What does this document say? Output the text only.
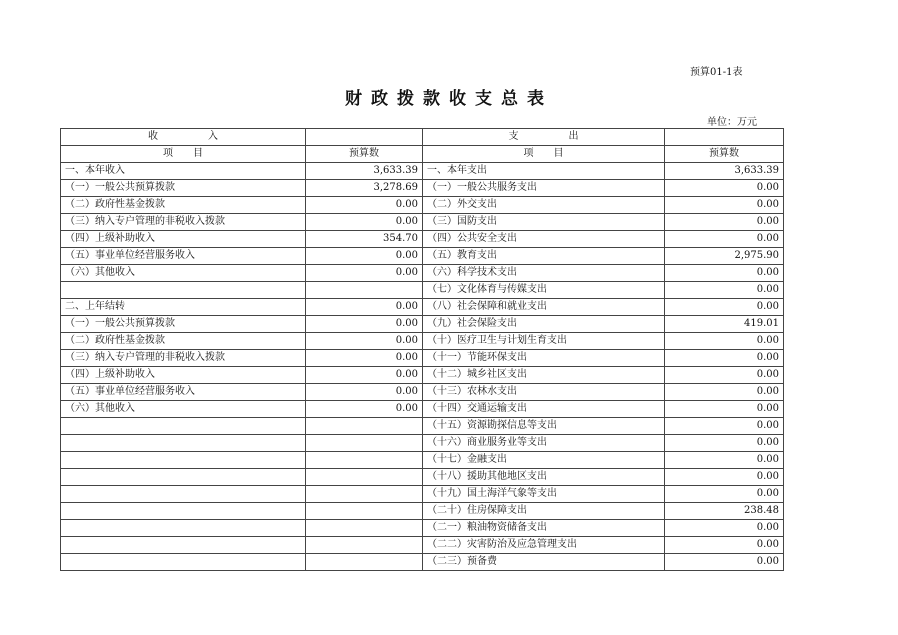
预算01-1表
财政拨款收支总表
单位：万元
收　　　　　入		支　　　　　出	
项　　目	预算数	项　　目	预算数
一、本年收入	3,633.39	一、本年支出	3,633.39
（一）一般公共预算拨款	3,278.69	（一）一般公共服务支出	0.00
（二）政府性基金拨款	0.00	（二）外交支出	0.00
（三）纳入专户管理的非税收入拨款	0.00	（三）国防支出	0.00
（四）上级补助收入	354.70	（四）公共安全支出	0.00
（五）事业单位经营服务收入	0.00	（五）教育支出	2,975.90
（六）其他收入	0.00	（六）科学技术支出	0.00
		（七）文化体育与传媒支出	0.00
二、上年结转	0.00	（八）社会保障和就业支出	0.00
（一）一般公共预算拨款	0.00	（九）社会保险支出	419.01
（二）政府性基金拨款	0.00	（十）医疗卫生与计划生育支出	0.00
（三）纳入专户管理的非税收入拨款	0.00	（十一）节能环保支出	0.00
（四）上级补助收入	0.00	（十二）城乡社区支出	0.00
（五）事业单位经营服务收入	0.00	（十三）农林水支出	0.00
（六）其他收入	0.00	（十四）交通运输支出	0.00
		（十五）资源勘探信息等支出	0.00
		（十六）商业服务业等支出	0.00
		（十七）金融支出	0.00
		（十八）援助其他地区支出	0.00
		（十九）国土海洋气象等支出	0.00
		（二十）住房保障支出	238.48
		（二一）粮油物资储备支出	0.00
		（二二）灾害防治及应急管理支出	0.00
		（二三）预备费	0.00
